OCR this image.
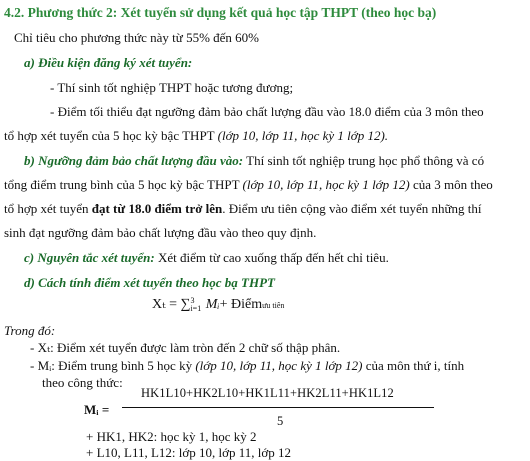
4.2. Phương thức 2: Xét tuyển sử dụng kết quả học tập THPT (theo học bạ)
Chỉ tiêu cho phương thức này từ 55% đến 60%
a) Điều kiện đăng ký xét tuyển:
- Thí sinh tốt nghiệp THPT hoặc tương đương;
- Điểm tối thiểu đạt ngưỡng đảm bảo chất lượng đầu vào 18.0 điểm của 3 môn theo
tổ hợp xét tuyển của 5 học kỳ bậc THPT (lớp 10, lớp 11, học kỳ 1 lớp 12).
b) Ngưỡng đảm bảo chất lượng đầu vào: Thí sinh tốt nghiệp trung học phổ thông và có
tổng điểm trung bình của 5 học kỳ bậc THPT (lớp 10, lớp 11, học kỳ 1 lớp 12) của 3 môn theo
tổ hợp xét tuyển đạt từ 18.0 điểm trở lên. Điểm ưu tiên cộng vào điểm xét tuyển những thí
sinh đạt ngưỡng đảm bảo chất lượng đầu vào theo quy định.
c) Nguyên tắc xét tuyển: Xét điểm từ cao xuống thấp đến hết chỉ tiêu.
d) Cách tính điểm xét tuyển theo học bạ THPT
Xₜ = ∑ 3
i=1 Mᵢ+ Điểmưu tiên
Trong đó:
- Xₜ: Điểm xét tuyển được làm tròn đến 2 chữ số thập phân.
- Mᵢ: Điểm trung bình 5 học kỳ (lớp 10, lớp 11, học kỳ 1 lớp 12) của môn thứ i, tính
theo công thức:
Mᵢ =
HK1L10+HK2L10+HK1L11+HK2L11+HK1L12
5
+ HK1, HK2: học kỳ 1, học kỳ 2
+ L10, L11, L12: lớp 10, lớp 11, lớp 12
